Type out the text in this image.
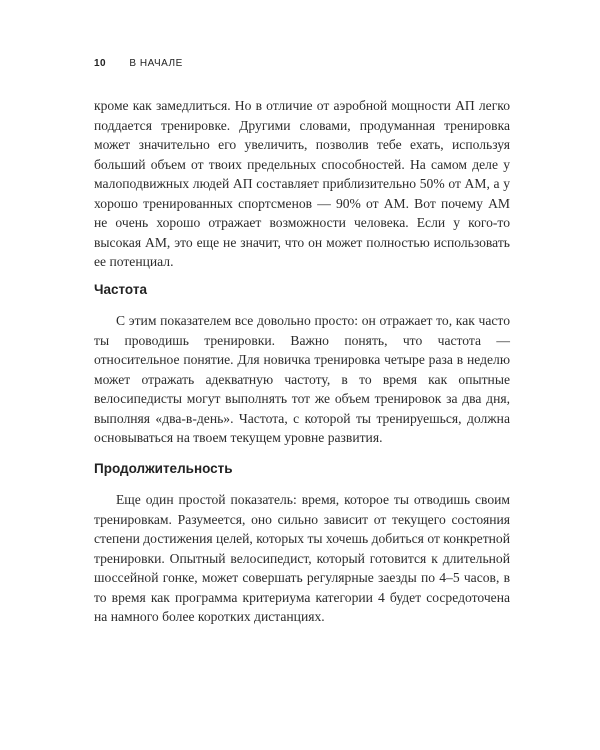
10 В НАЧАЛЕ

кроме как замедлиться. Но в отличие от аэробной мощности АП легко поддается тренировке. Другими словами, продуманная тренировка может значительно его увеличить, позволив тебе ехать, используя больший объем от твоих предельных способностей. На самом деле у малоподвижных людей АП составляет приблизительно 50% от АМ, а у хорошо тренированных спортсменов — 90% от АМ. Вот почему АМ не очень хорошо отражает возможности человека. Если у кого-то высокая АМ, это еще не значит, что он может полностью использовать ее потенциал.

Частота

С этим показателем все довольно просто: он отражает то, как часто ты проводишь тренировки. Важно понять, что частота — относительное понятие. Для новичка тренировка четыре раза в неделю может отражать адекватную частоту, в то время как опытные велосипедисты могут выполнять тот же объем тренировок за два дня, выполняя «два-в-день». Частота, с которой ты тренируешься, должна основываться на твоем текущем уровне развития.

Продолжительность

Еще один простой показатель: время, которое ты отводишь своим тренировкам. Разумеется, оно сильно зависит от текущего состояния степени достижения целей, которых ты хочешь добиться от конкретной тренировки. Опытный велосипедист, который готовится к длительной шоссейной гонке, может совершать регулярные заезды по 4–5 часов, в то время как программа критериума категории 4 будет сосредоточена на намного более коротких дистанциях.
